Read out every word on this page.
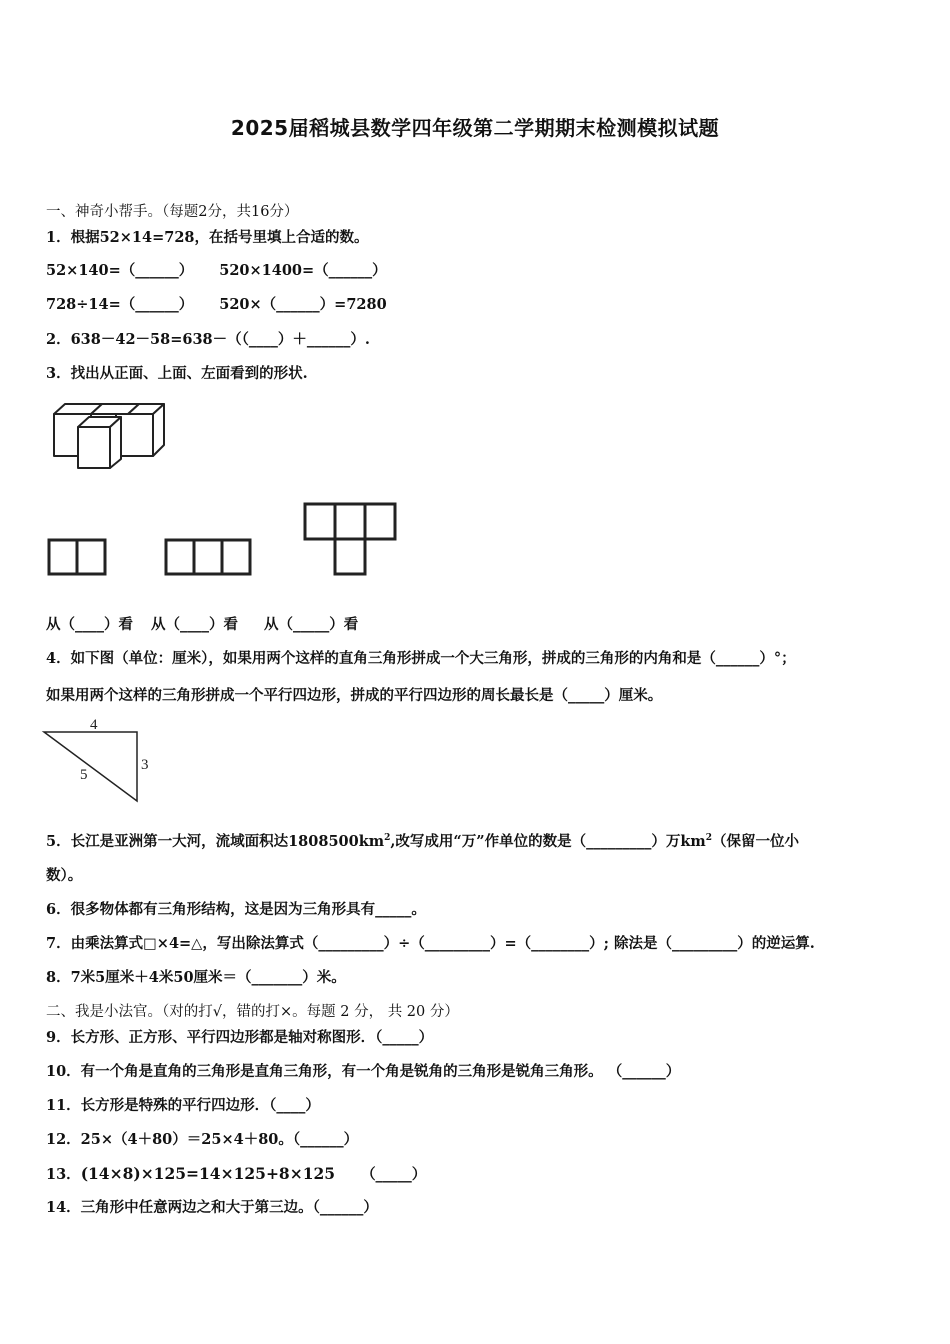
2025届稻城县数学四年级第二学期期末检测模拟试题
一、神奇小帮手。（每题2分，共16分）
1．根据52×14=728，在括号里填上合适的数。
52×140=（______） 520×1400=（______）
728÷14=（______） 520×（______）=7280
2．638－42－58=638－（（____）＋______）.
3．找出从正面、上面、左面看到的形状.
从（____）看 从（____）看 从（_____）看
4．如下图（单位：厘米），如果用两个这样的直角三角形拼成一个大三角形，拼成的三角形的内角和是（______）°；
如果用两个这样的三角形拼成一个平行四边形，拼成的平行四边形的周长最长是（_____）厘米。
4
5
3
5．长江是亚洲第一大河，流域面积达$1808500km^2$,改写成用“万”作单位的数是（_________）万$km^2$（保留一位小
数）。
6．很多物体都有三角形结构，这是因为三角形具有_____。
7．由乘法算式□×4=△，写出除法算式（_________）÷（_________）=（________）; 除法是（_________）的逆运算.
8．7米5厘米＋4米50厘米＝（_______）米。
二、我是小法官。（对的打√，错的打×。每题 2 分， 共 20 分）
9．长方形、正方形、平行四边形都是轴对称图形．（_____）
10．有一个角是直角的三角形是直角三角形，有一个角是锐角的三角形是锐角三角形。 （______）
11．长方形是特殊的平行四边形．（____）
12．25×（4＋80）＝25×4＋80。（______）
13．(14×8)×125=14×125+8×125 （_____）
14．三角形中任意两边之和大于第三边。（______）
